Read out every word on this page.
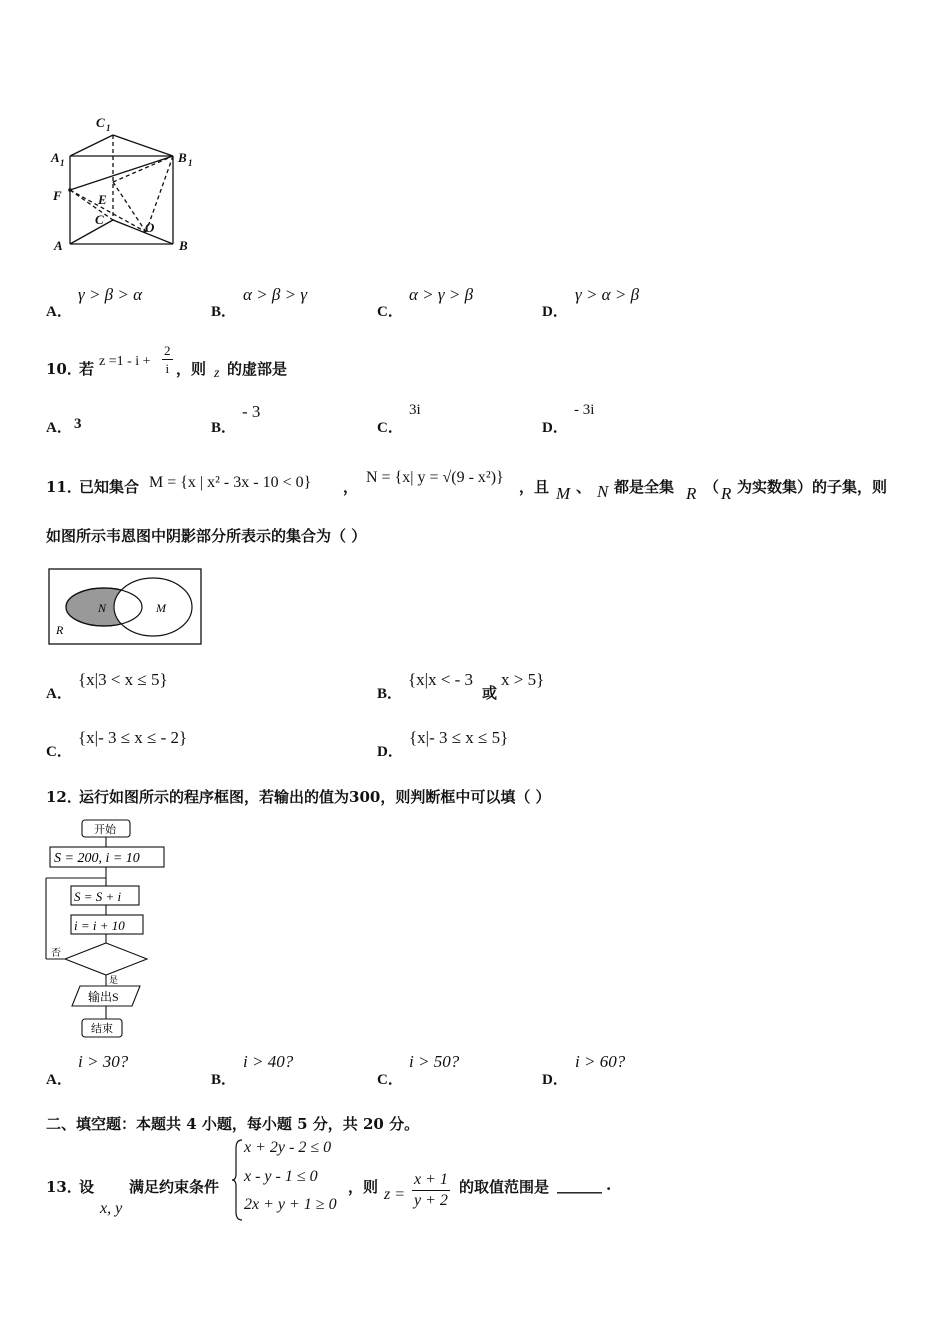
C 1
A 1	B 1
F	E
C
O
A	B
A．
γ > β > α
B．
α > β > γ
C．
α > γ > β
D．
γ > α > β
10．
若 $z =1 - i + \frac{2}{i}$ ，则 z 的虚部是
A． 3	B．
- 3
C．
3i
D．
- 3i
11．
已知集合 M = {x | x² - 3x - 10 < 0} ，
N = {x| y = √(9 - x²)}
，且 M 、 N 都是全集 R （ R 为实数集）的子集，则
如图所示韦恩图中阴影部分所表示的集合为（ ）
N	M
R
A．
{x|3 < x ≤ 5}
B．
{x|x < - 3
或
x > 5}
C．
{x|- 3 ≤ x ≤ - 2}
D．
{x|- 3 ≤ x ≤ 5}
12．
运行如图所示的程序框图，若输出的值为300，则判断框中可以填（ ）
开始
S = 200, i = 10
S = S + i
i = i + 10
否
是
输出S
结束
A．
i > 30?
B．
i > 40?
C．
i > 50?
D．
i > 60?
二、填空题：本题共 4 小题，每小题 5 分，共 20 分。
13．
设 满足约束条件
x, y
x + 2y - 2 ≤ 0
x - y - 1 ≤ 0
2x + y + 1 ≥ 0
，则 $z = \frac{x + 1}{y + 2}$ 的取值范围是 ______ .
